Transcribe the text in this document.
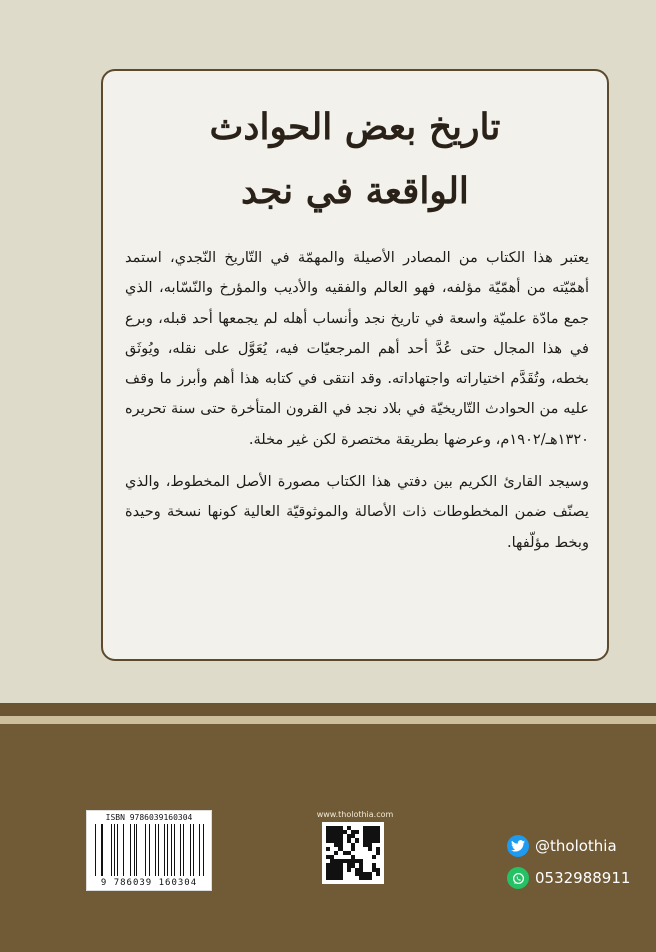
تاريخ بعض الحوادث
الواقعة في نجد

يعتبر هذا الكتاب من المصادر الأصيلة والمهمّة في التّاريخ النّجدي، استمد أهمّيّته من أهمّيّة مؤلفه، فهو العالم والفقيه والأديب والمؤرخ والنّسّابه، الذي جمع مادّة علميّة واسعة في تاريخ نجد وأنساب أهله لم يجمعها أحد قبله، وبرع في هذا المجال حتى عُدَّ أحد أهم المرجعيّات فيه، يُعَوَّل على نقله، ويُوثَق بخطه، وتُقَدَّم اختياراته واجتهاداته. وقد انتقى في كتابه هذا أهم وأبرز ما وقف عليه من الحوادث التّاريخيّة في بلاد نجد في القرون المتأخرة حتى سنة تحريره ١٣٢٠هـ/١٩٠٢م، وعرضها بطريقة مختصرة لكن غير مخلة.

وسيجد القارئ الكريم بين دفتي هذا الكتاب مصورة الأصل المخطوط، والذي يصنّف ضمن المخطوطات ذات الأصالة والموثوقيّة العالية كونها نسخة وحيدة وبخط مؤلّفها.

ISBN 9786039160304
9 786039 160304
www.tholothia.com
@tholothia
0532988911
